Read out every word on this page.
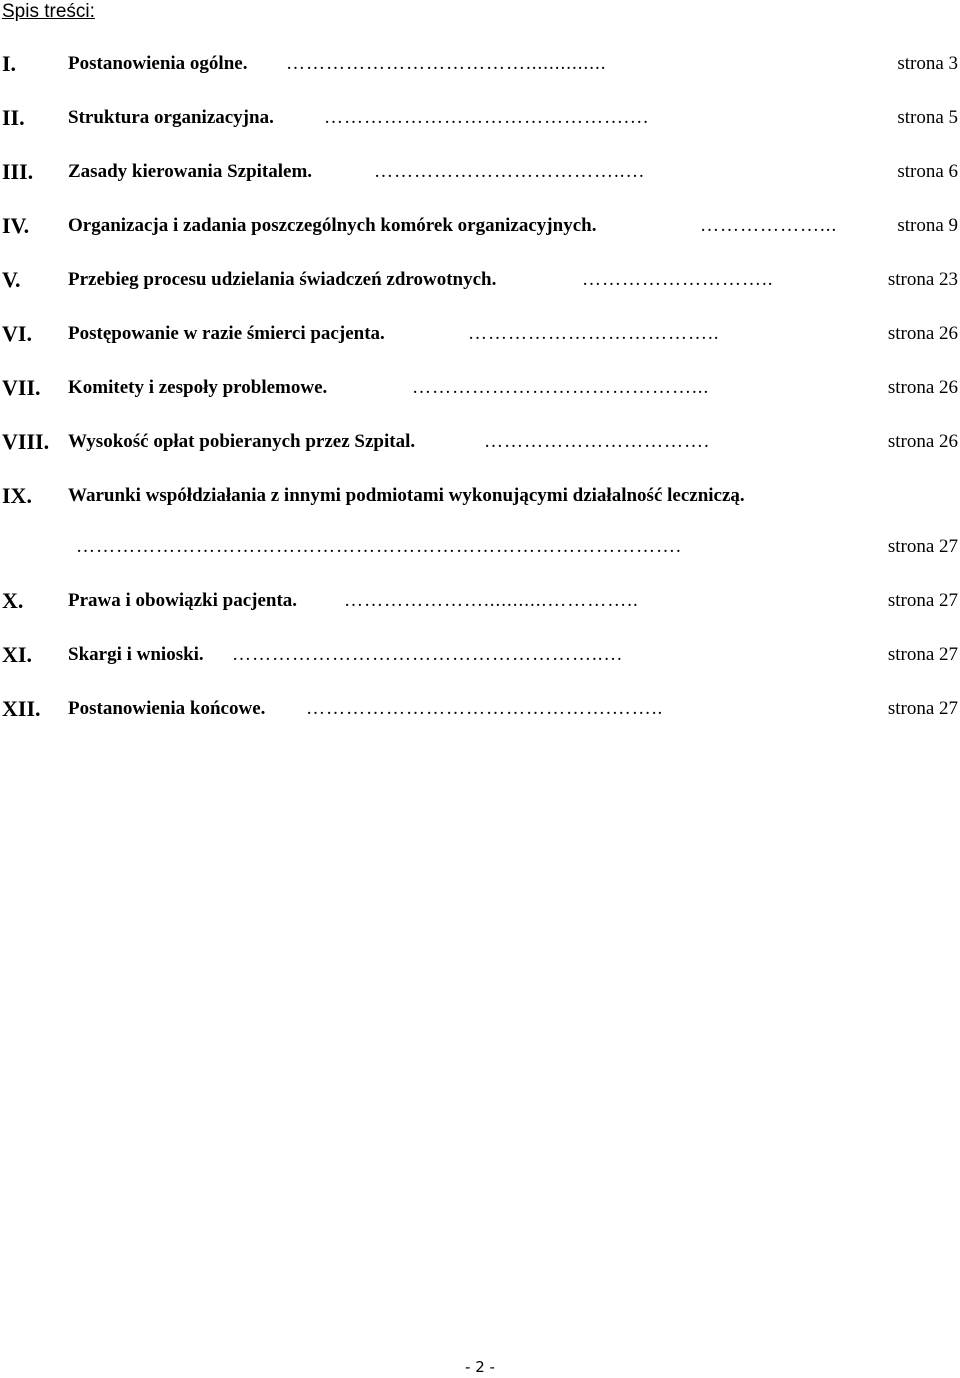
Spis treści:
I.	Postanowienia ogólne. ………………………………..............	strona 3
II. Struktura organizacyjna.	……………………………………….…	strona 5
III. Zasady kierowania Szpitalem.	………………………………..…	strona 6
IV. Organizacja i zadania poszczególnych komórek organizacyjnych.	………………...	strona 9
V. Przebieg procesu udzielania świadczeń zdrowotnych.	………………………..	strona 23
VI. Postępowanie w razie śmierci pacjenta.	………………………………..	strona 26
VII. Komitety i zespoły problemowe.	……………………………………...	strona 26
VIII. Wysokość opłat pobieranych przez Szpital.	…………………………….	strona 26
IX. Warunki współdziałania z innymi podmiotami wykonującymi działalność leczniczą.
……………………………………………………………………………….	strona 27
X. Prawa i obowiązki pacjenta. …………………...........…………..	strona 27
XI. Skargi i wnioski. ………………………………………………..…	strona 27
XII. Postanowienia końcowe. ……………………………………….……..	strona 27
- 2 -
